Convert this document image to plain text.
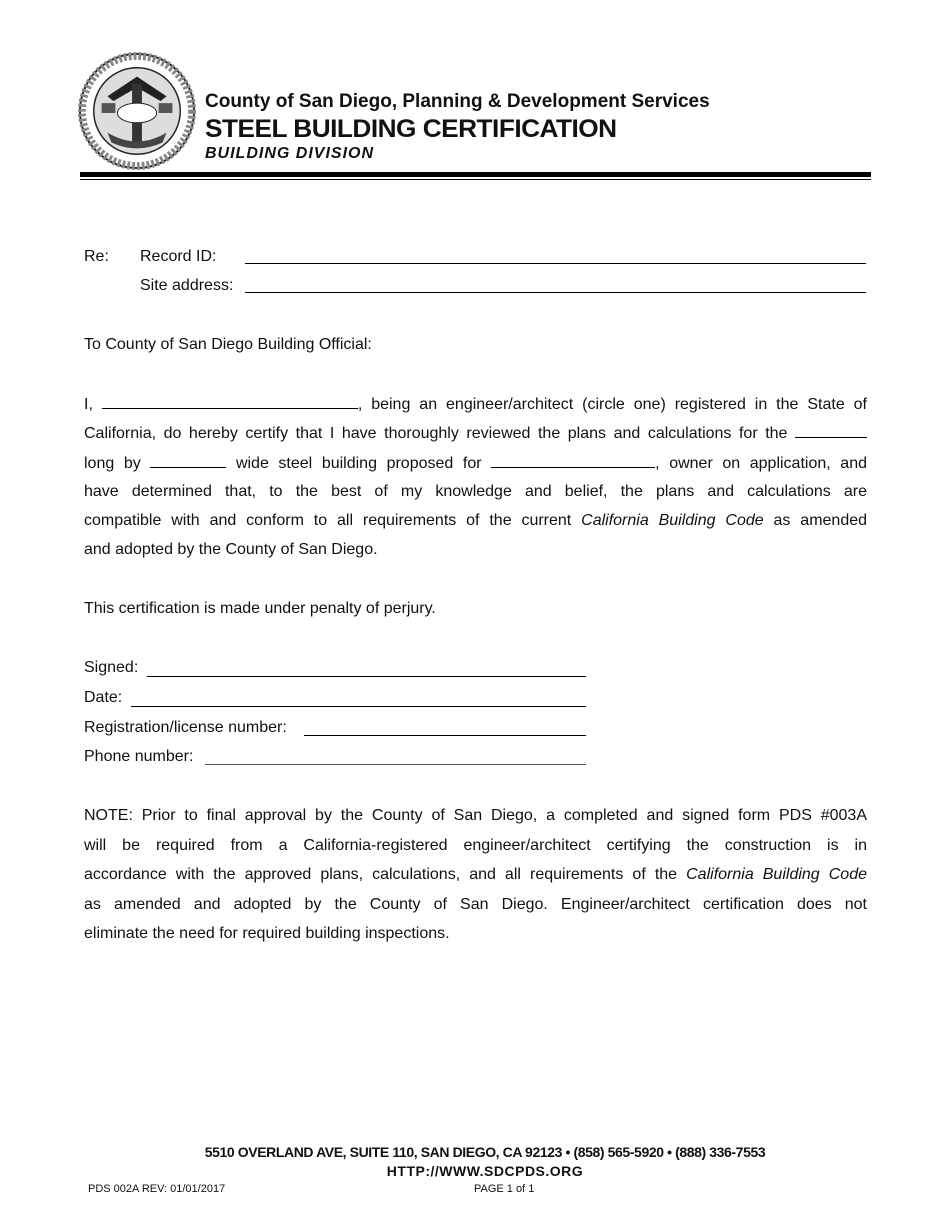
County of San Diego, Planning & Development Services
STEEL BUILDING CERTIFICATION
BUILDING DIVISION
Re: Record ID:
Site address:
To County of San Diego Building Official:
I,	, being an engineer/architect (circle one) registered in the State of
California, do hereby certify that I have thoroughly reviewed the plans and calculations for the
long by	wide steel building proposed for	, owner on application, and
have determined that, to the best of my knowledge and belief, the plans and calculations are
compatible with and conform to all requirements of the current California Building Code as amended
and adopted by the County of San Diego.
This certification is made under penalty of perjury.
Signed:
Date:
Registration/license number:
Phone number:
NOTE: Prior to final approval by the County of San Diego, a completed and signed form PDS #003A
will be required from a California-registered engineer/architect certifying the construction is in
accordance with the approved plans, calculations, and all requirements of the California Building Code
as amended and adopted by the County of San Diego. Engineer/architect certification does not
eliminate the need for required building inspections.
5510 OVERLAND AVE, SUITE 110, SAN DIEGO, CA 92123 • (858) 565-5920 • (888) 336-7553
HTTP://WWW.SDCPDS.ORG
PDS 002A REV: 01/01/2017	PAGE 1 of 1
